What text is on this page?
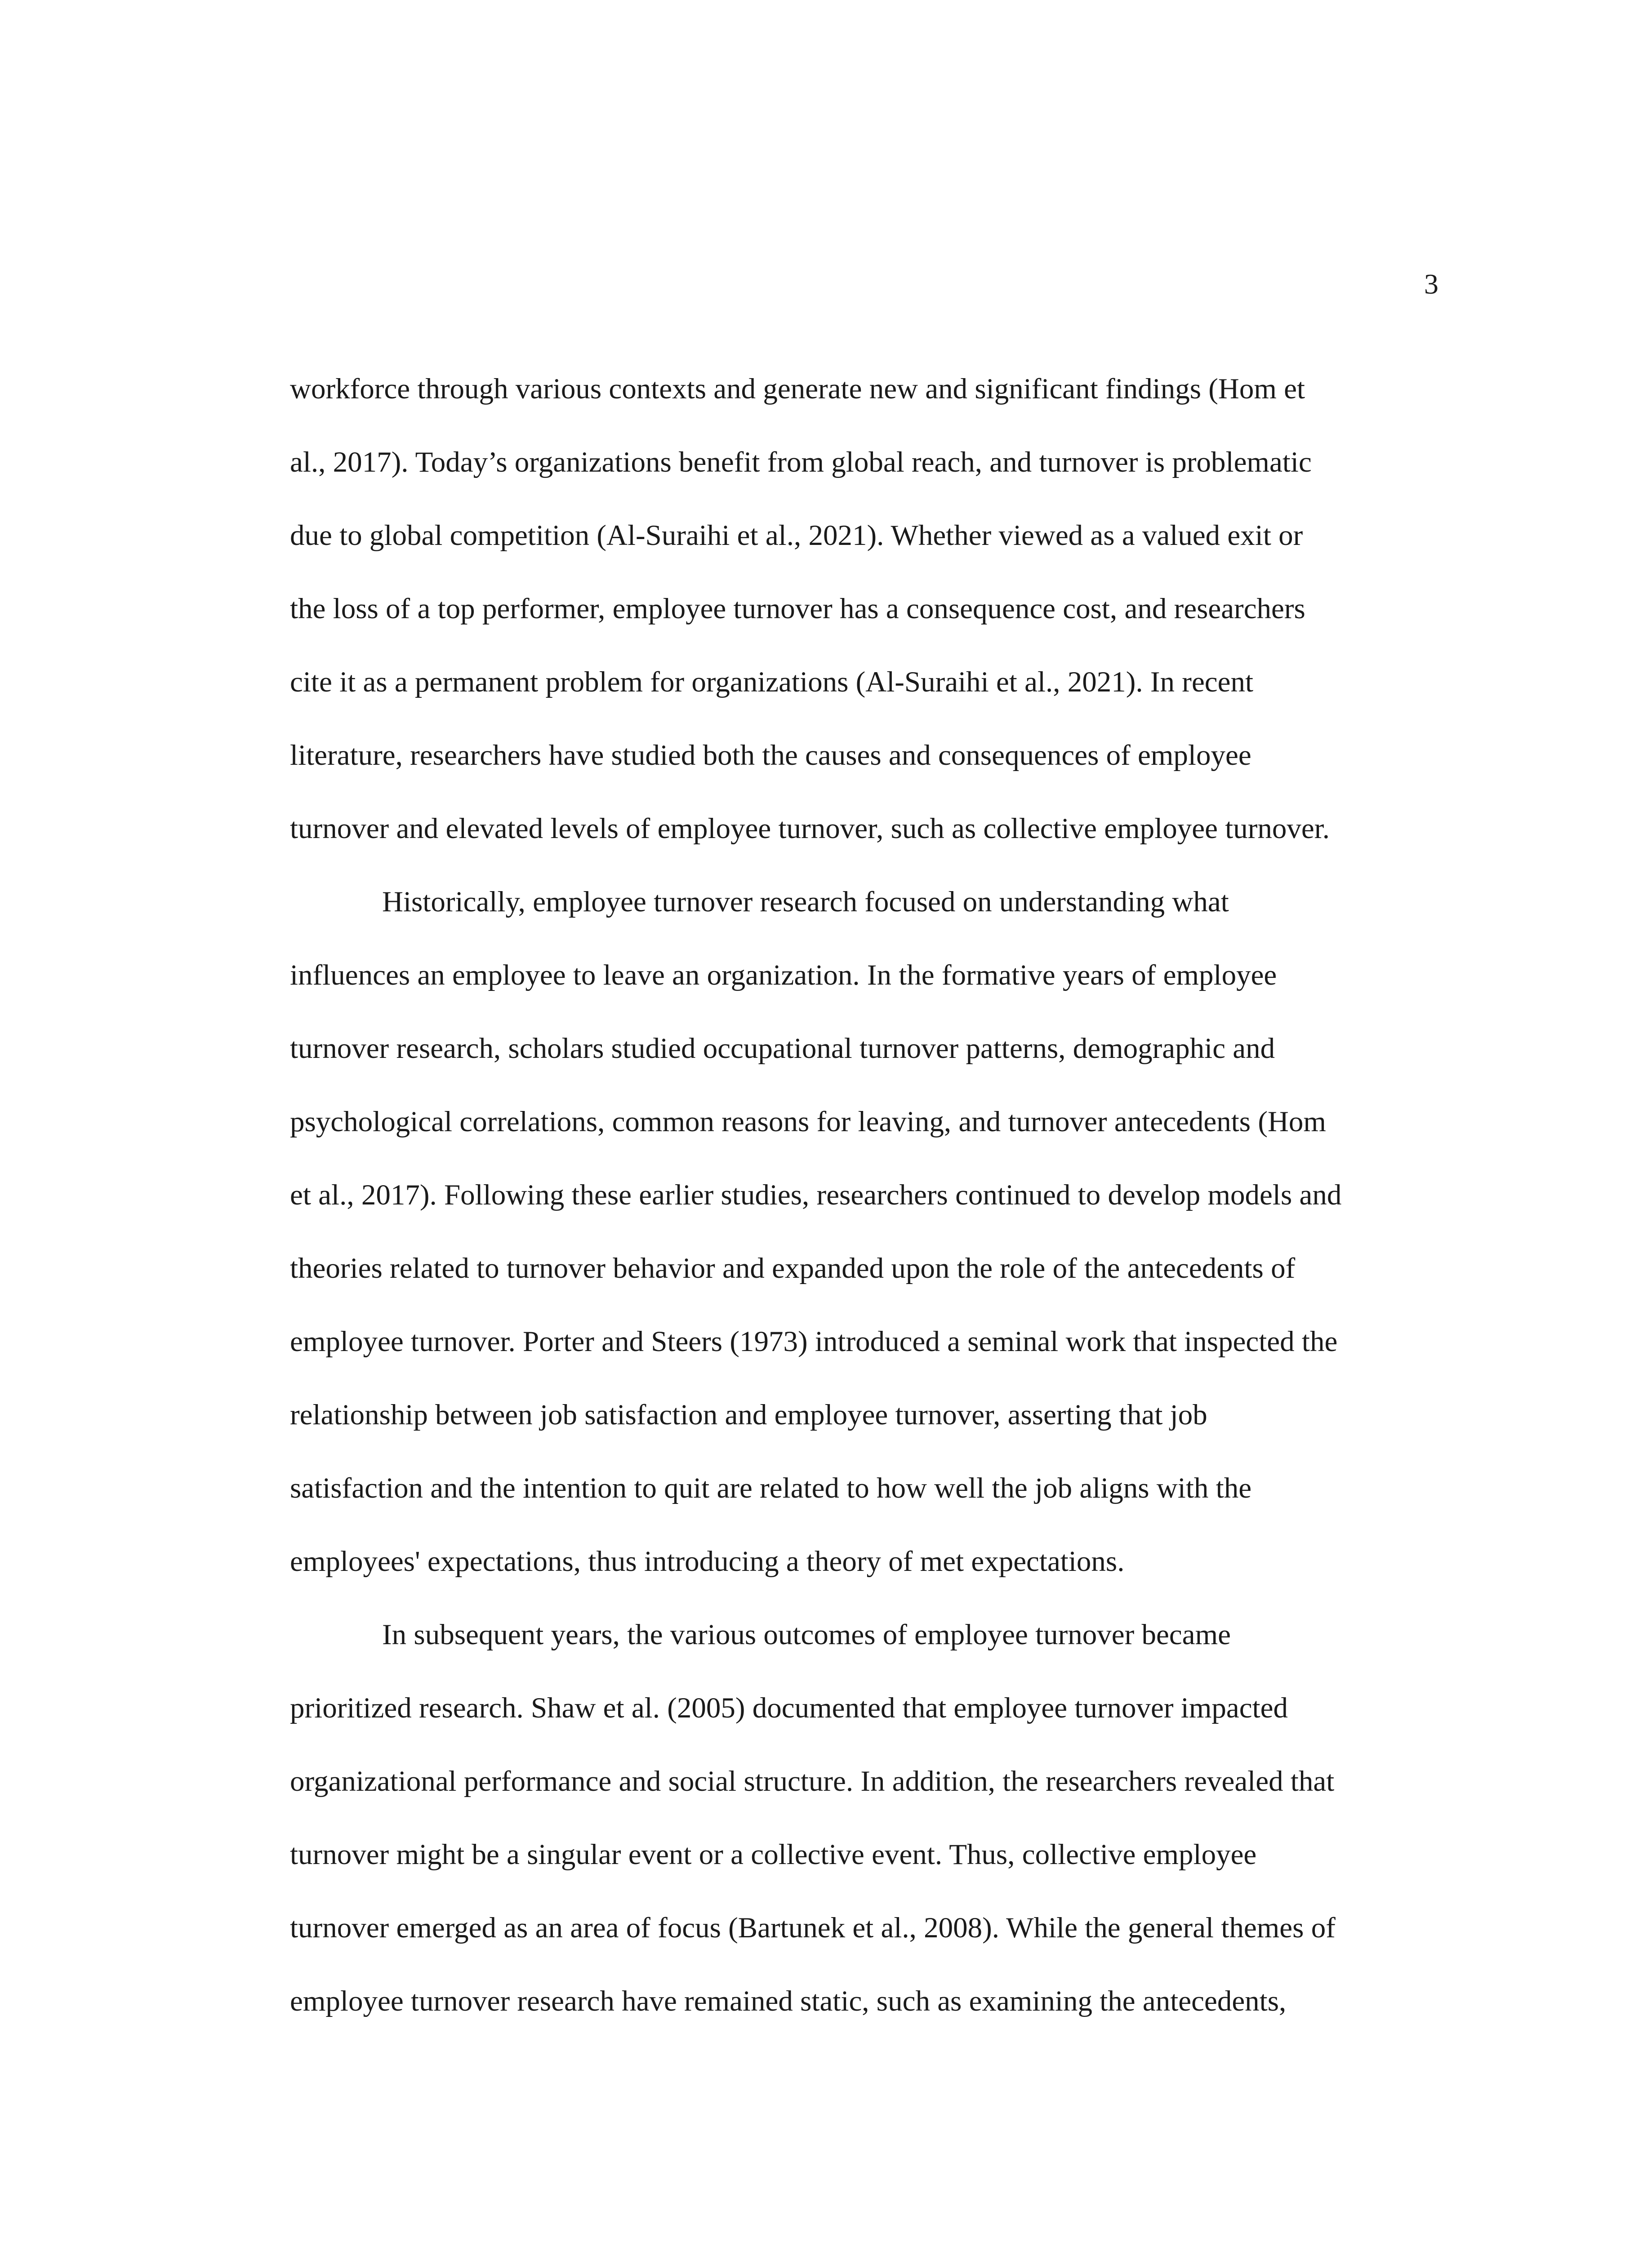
3
workforce through various contexts and generate new and significant findings (Hom et
al., 2017). Today’s organizations benefit from global reach, and turnover is problematic
due to global competition (Al-Suraihi et al., 2021). Whether viewed as a valued exit or
the loss of a top performer, employee turnover has a consequence cost, and researchers
cite it as a permanent problem for organizations (Al-Suraihi et al., 2021). In recent
literature, researchers have studied both the causes and consequences of employee
turnover and elevated levels of employee turnover, such as collective employee turnover.
Historically, employee turnover research focused on understanding what
influences an employee to leave an organization. In the formative years of employee
turnover research, scholars studied occupational turnover patterns, demographic and
psychological correlations, common reasons for leaving, and turnover antecedents (Hom
et al., 2017). Following these earlier studies, researchers continued to develop models and
theories related to turnover behavior and expanded upon the role of the antecedents of
employee turnover. Porter and Steers (1973) introduced a seminal work that inspected the
relationship between job satisfaction and employee turnover, asserting that job
satisfaction and the intention to quit are related to how well the job aligns with the
employees' expectations, thus introducing a theory of met expectations.
In subsequent years, the various outcomes of employee turnover became
prioritized research. Shaw et al. (2005) documented that employee turnover impacted
organizational performance and social structure. In addition, the researchers revealed that
turnover might be a singular event or a collective event. Thus, collective employee
turnover emerged as an area of focus (Bartunek et al., 2008). While the general themes of
employee turnover research have remained static, such as examining the antecedents,
